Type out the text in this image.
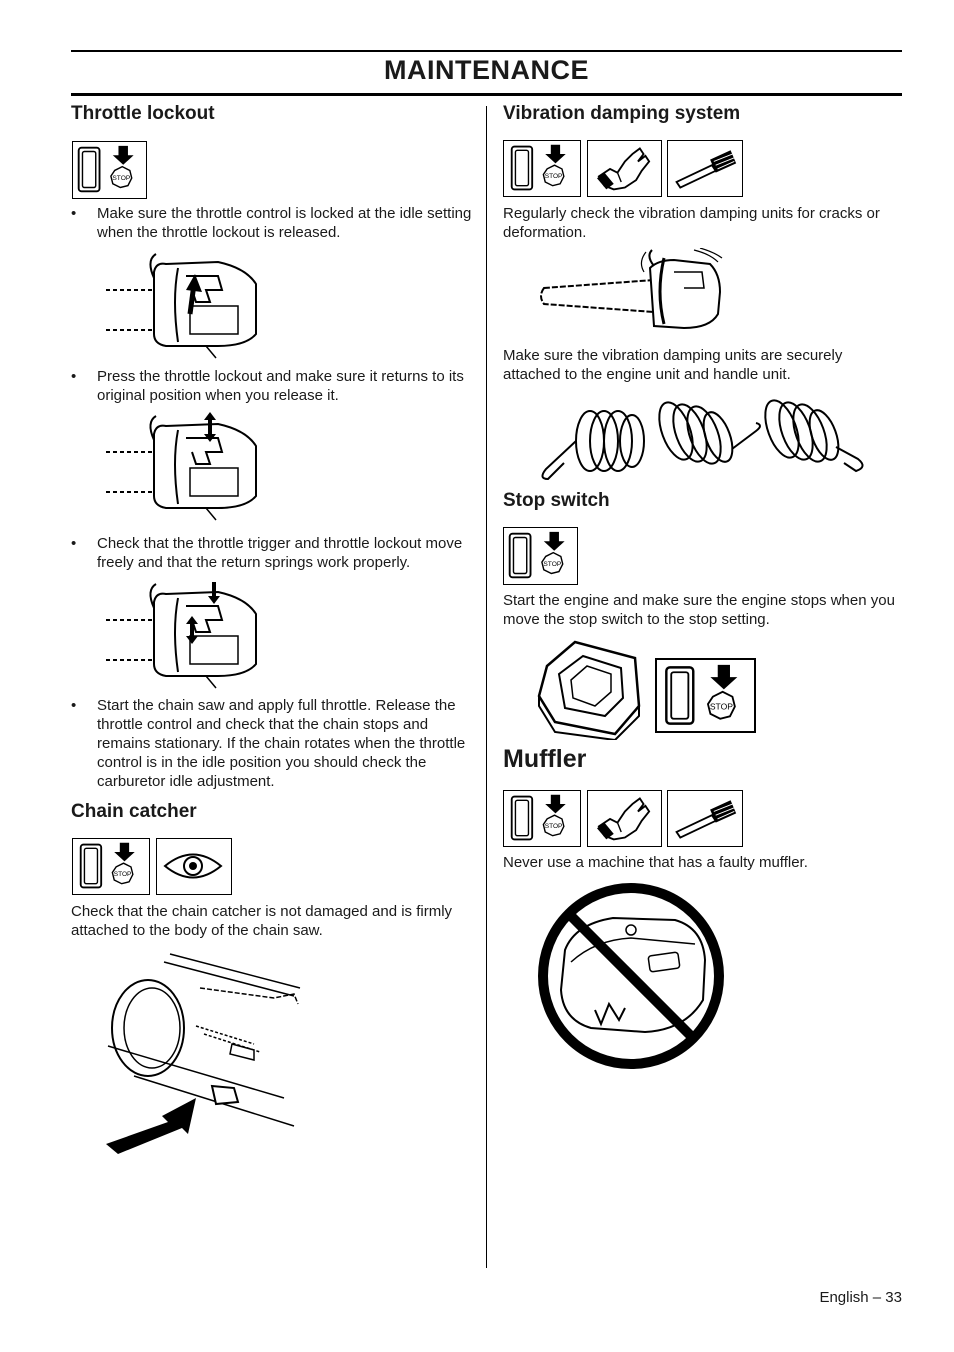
MAINTENANCE
Throttle lockout
STOP
• Make sure the throttle control is locked at the idle setting when the throttle lockout is released.
• Press the throttle lockout and make sure it returns to its original position when you release it.
• Check that the throttle trigger and throttle lockout move freely and that the return springs work properly.
• Start the chain saw and apply full throttle. Release the throttle control and check that the chain stops and remains stationary. If the chain rotates when the throttle control is in the idle position you should check the carburetor idle adjustment.
Chain catcher
STOP
Check that the chain catcher is not damaged and is firmly attached to the body of the chain saw.
Vibration damping system
STOP
Regularly check the vibration damping units for cracks or deformation.
Make sure the vibration damping units are securely attached to the engine unit and handle unit.
Stop switch
STOP
Start the engine and make sure the engine stops when you move the stop switch to the stop setting.
STOP
Muffler
STOP
Never use a machine that has a faulty muffler.
English – 33
